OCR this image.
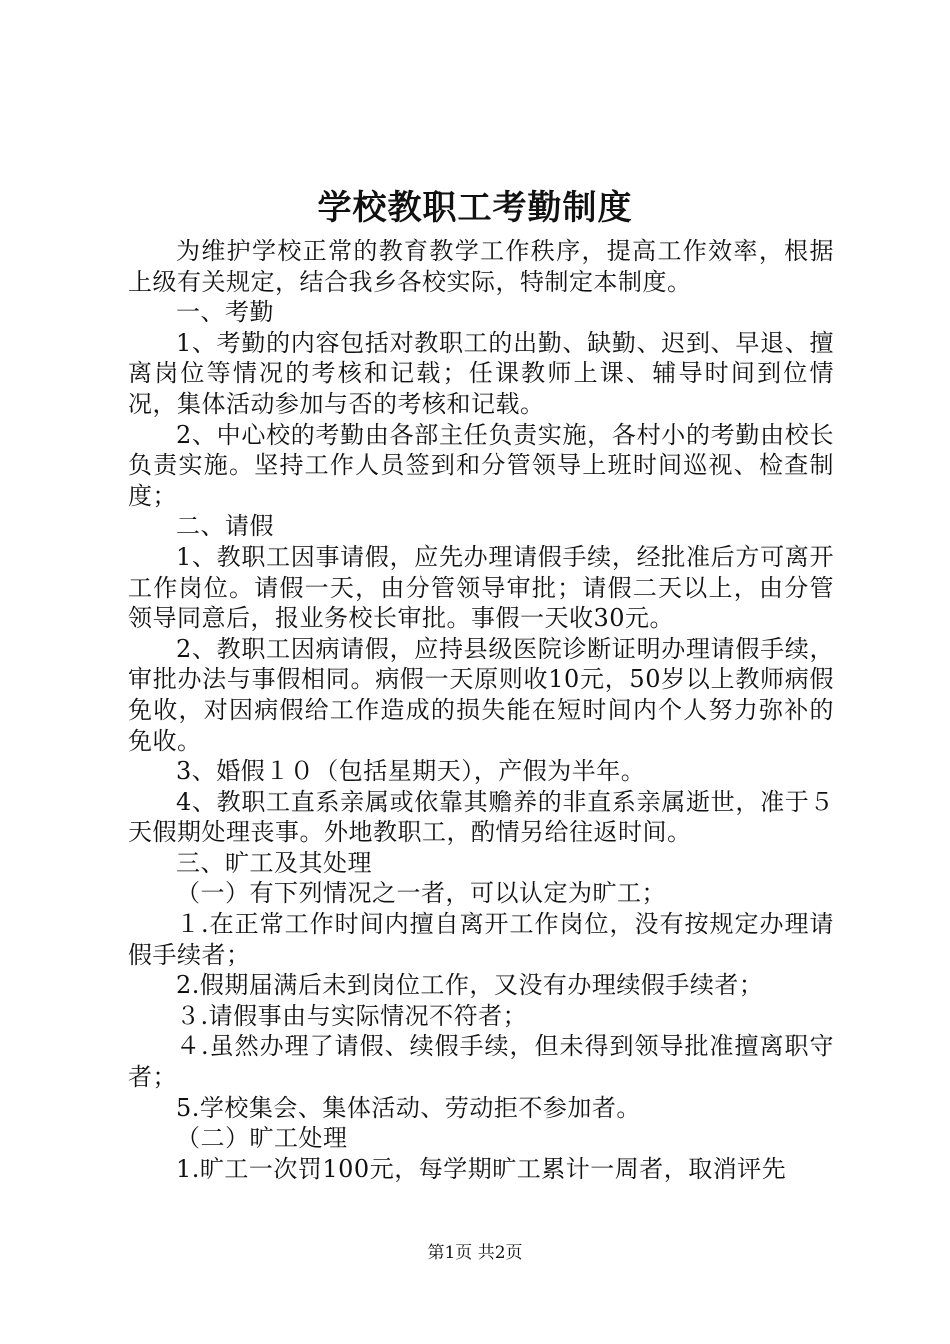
学校教职工考勤制度

为维护学校正常的教育教学工作秩序，提高工作效率，根据上级有关规定，结合我乡各校实际，特制定本制度。

一、考勤

1、考勤的内容包括对教职工的出勤、缺勤、迟到、早退、擅离岗位等情况的考核和记载；任课教师上课、辅导时间到位情况，集体活动参加与否的考核和记载。

2、中心校的考勤由各部主任负责实施，各村小的考勤由校长负责实施。坚持工作人员签到和分管领导上班时间巡视、检查制度；

二、请假

1、教职工因事请假，应先办理请假手续，经批准后方可离开工作岗位。请假一天，由分管领导审批；请假二天以上，由分管领导同意后，报业务校长审批。事假一天收30元。

2、教职工因病请假，应持县级医院诊断证明办理请假手续，审批办法与事假相同。病假一天原则收10元，50岁以上教师病假免收，对因病假给工作造成的损失能在短时间内个人努力弥补的免收。

3、婚假１０（包括星期天），产假为半年。

4、教职工直系亲属或依靠其赡养的非直系亲属逝世，准于５天假期处理丧事。外地教职工，酌情另给往返时间。

三、旷工及其处理

（一）有下列情况之一者，可以认定为旷工；

１.在正常工作时间内擅自离开工作岗位，没有按规定办理请假手续者；

2.假期届满后未到岗位工作，又没有办理续假手续者；

３.请假事由与实际情况不符者；

４.虽然办理了请假、续假手续，但未得到领导批准擅离职守者；

5.学校集会、集体活动、劳动拒不参加者。

（二）旷工处理

1.旷工一次罚100元，每学期旷工累计一周者，取消评先

第1页 共2页
